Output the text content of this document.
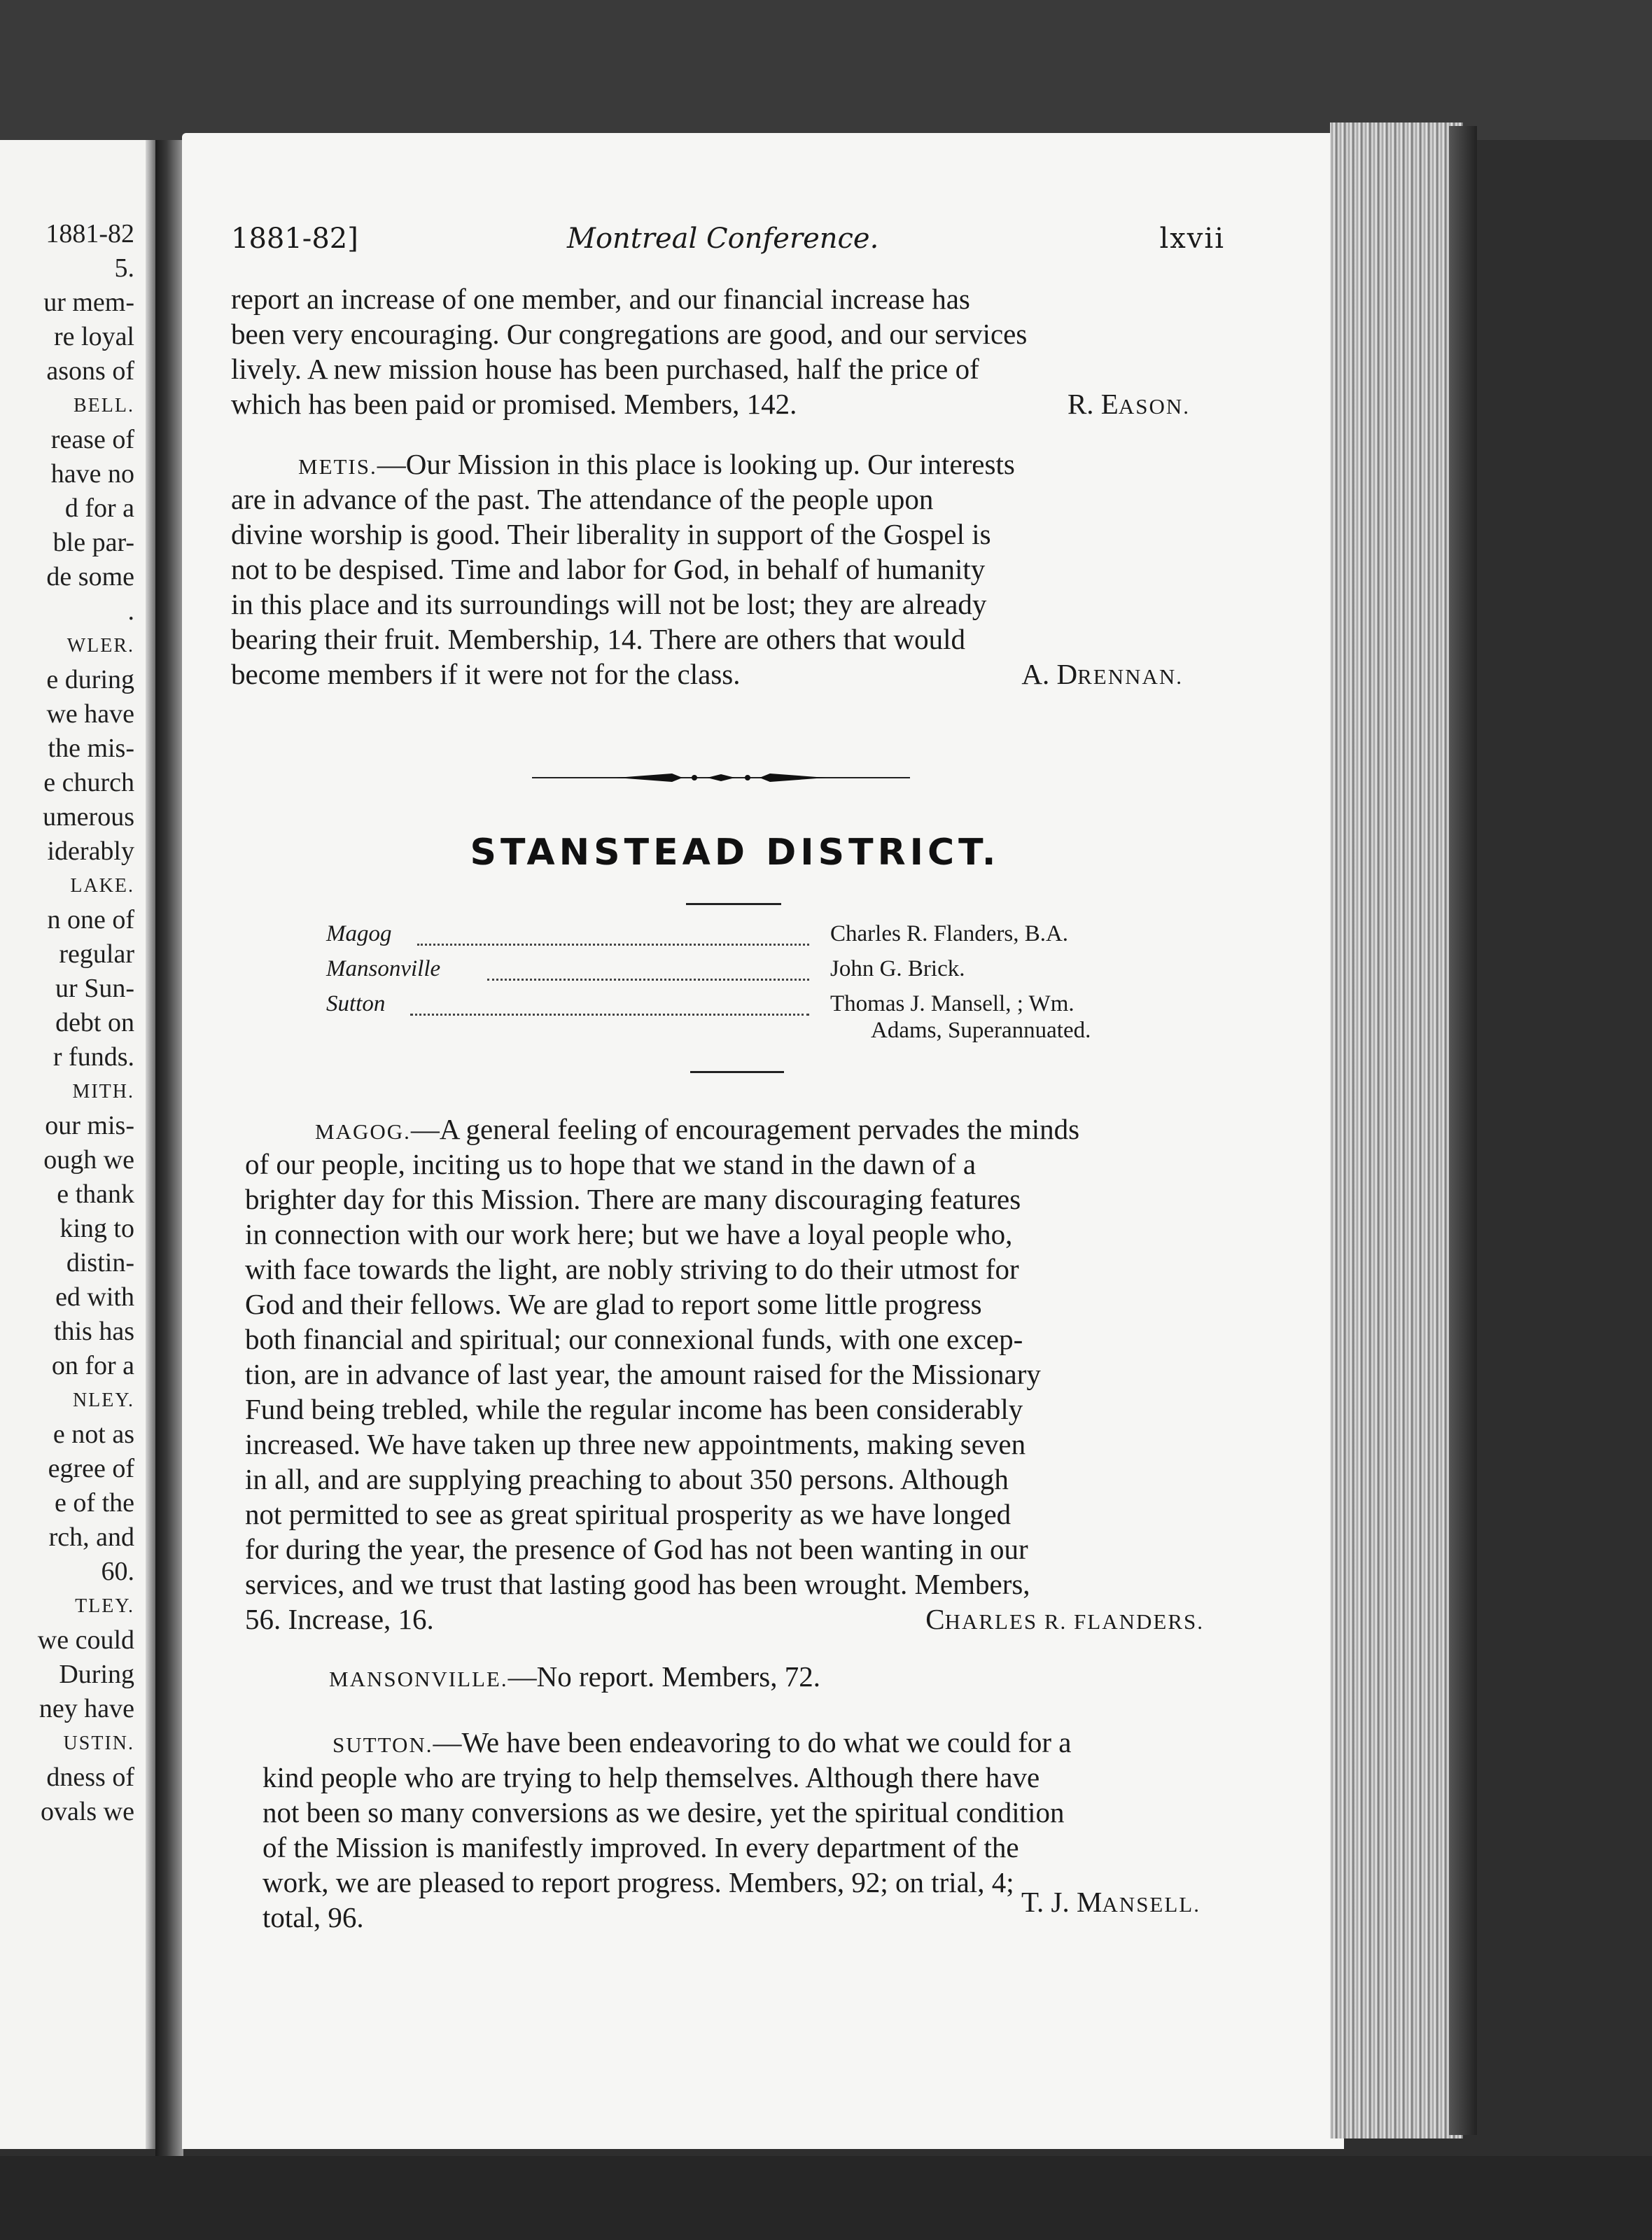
1881-82
5.
ur mem-
re loyal
asons of
BELL.
rease of
have no
d for a
ble par-
de some
.
WLER.
e during
we have
the mis-
e church
umerous
iderably
LAKE.
n one of
regular
ur Sun-
debt on
r funds.
MITH.
our mis-
ough we
e thank
king to
distin-
ed with
this has
on for a
NLEY.
e not as
egree of
e of the
rch, and
60.
TLEY.
we could
During
ney have
USTIN.
dness of
ovals we
1881-82]	Montreal Conference.	lxvii
report an increase of one member, and our financial increase has
been very encouraging. Our congregations are good, and our services
lively. A new mission house has been purchased, half the price of
which has been paid or promised. Members, 142.	R. EASON.
METIS.—Our Mission in this place is looking up. Our interests
are in advance of the past. The attendance of the people upon
divine worship is good. Their liberality in support of the Gospel is
not to be despised. Time and labor for God, in behalf of humanity
in this place and its surroundings will not be lost; they are already
bearing their fruit. Membership, 14. There are others that would
become members if it were not for the class.	A. DRENNAN.
STANSTEAD DISTRICT.
Magog	Charles R. Flanders, B.A.
Mansonville	John G. Brick.
Sutton	Thomas J. Mansell, ; Wm.
Adams, Superannuated.
MAGOG.—A general feeling of encouragement pervades the minds
of our people, inciting us to hope that we stand in the dawn of a
brighter day for this Mission. There are many discouraging features
in connection with our work here; but we have a loyal people who,
with face towards the light, are nobly striving to do their utmost for
God and their fellows. We are glad to report some little progress
both financial and spiritual; our connexional funds, with one excep-
tion, are in advance of last year, the amount raised for the Missionary
Fund being trebled, while the regular income has been considerably
increased. We have taken up three new appointments, making seven
in all, and are supplying preaching to about 350 persons. Although
not permitted to see as great spiritual prosperity as we have longed
for during the year, the presence of God has not been wanting in our
services, and we trust that lasting good has been wrought. Members,
56. Increase, 16.	CHARLES R. FLANDERS.
MANSONVILLE.—No report. Members, 72.
SUTTON.—We have been endeavoring to do what we could for a
kind people who are trying to help themselves. Although there have
not been so many conversions as we desire, yet the spiritual condition
of the Mission is manifestly improved. In every department of the
work, we are pleased to report progress. Members, 92; on trial, 4;
total, 96.	T. J. MANSELL.
